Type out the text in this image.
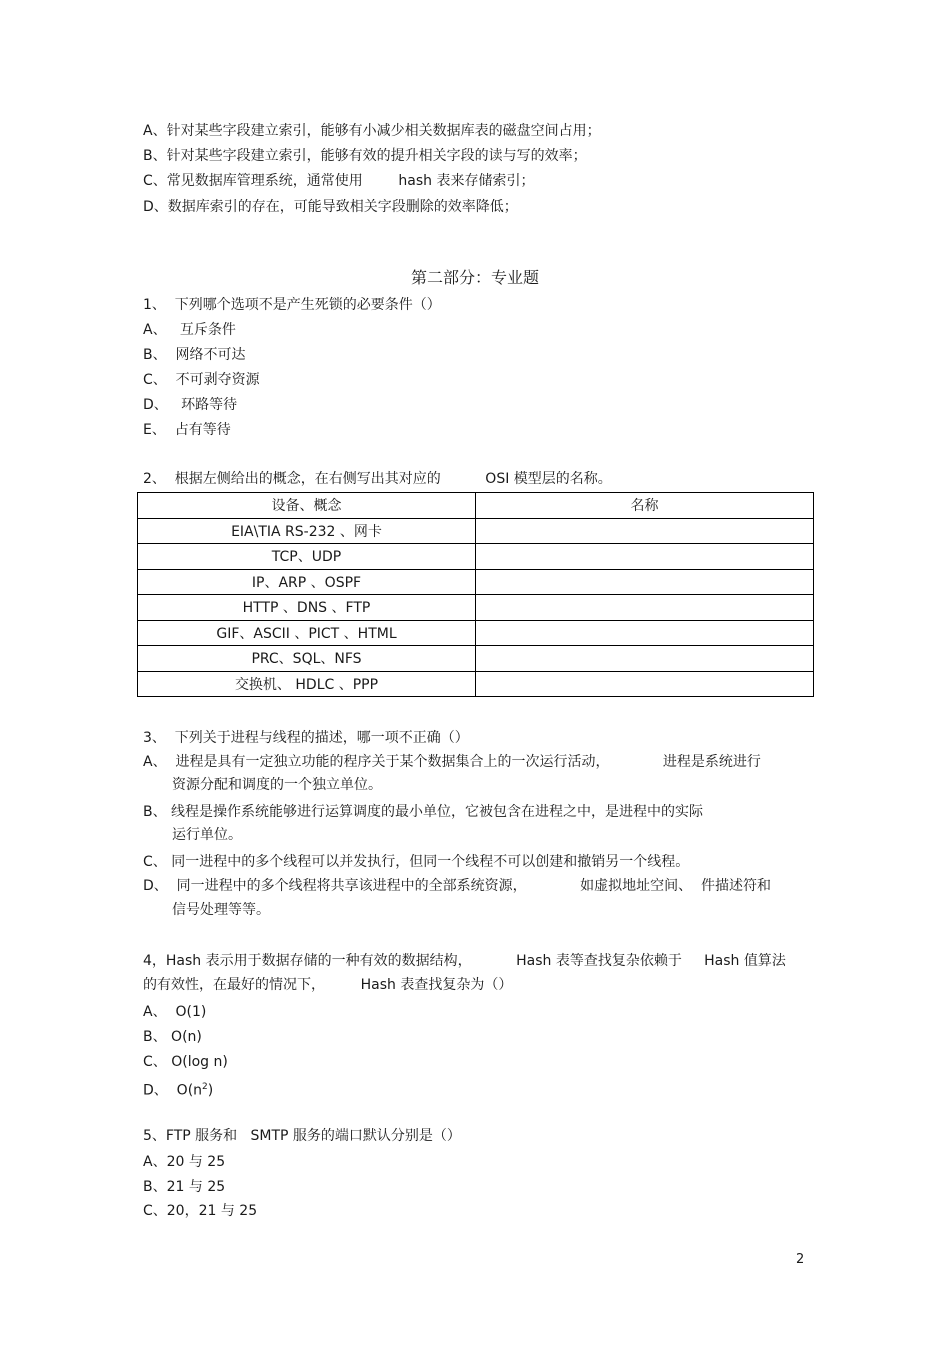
A、针对某些字段建立索引，能够有小减少相关数据库表的磁盘空间占用；
B、针对某些字段建立索引，能够有效的提升相关字段的读与写的效率；
C、常见数据库管理系统，通常使用        hash 表来存储索引；
D、数据库索引的存在，可能导致相关字段删除的效率降低；
第二部分：专业题
1、  下列哪个选项不是产生死锁的必要条件（）
A、   互斥条件
B、  网络不可达
C、  不可剥夺资源
D、   环路等待
E、  占有等待
2、  根据左侧给出的概念，在右侧写出其对应的          OSI 模型层的名称。
设备、概念	名称
EIA\TIA RS-232 、网卡	
TCP、UDP	
IP、ARP 、OSPF	
HTTP 、DNS 、FTP	
GIF、ASCII 、PICT 、HTML	
PRC、SQL、NFS	
交换机、 HDLC 、PPP	
3、  下列关于进程与线程的描述，哪一项不正确（）
A、  进程是具有一定独立功能的程序关于某个数据集合上的一次运行活动，            进程是系统进行
资源分配和调度的一个独立单位。
B、 线程是操作系统能够进行运算调度的最小单位，它被包含在进程之中，是进程中的实际
运行单位。
C、 同一进程中的多个线程可以并发执行，但同一个线程不可以创建和撤销另一个线程。
D、  同一进程中的多个线程将共享该进程中的全部系统资源，            如虚拟地址空间、  件描述符和
信号处理等等。
4，Hash 表示用于数据存储的一种有效的数据结构，          Hash 表等查找复杂依赖于     Hash 值算法
的有效性，在最好的情况下，        Hash 表查找复杂为（）
A、  O(1)
B、 O(n)
C、 O(log n)
D、  $O(n^2)$
5、FTP 服务和   SMTP 服务的端口默认分别是（）
A、20 与 25
B、21 与 25
C、20，21 与 25
2
